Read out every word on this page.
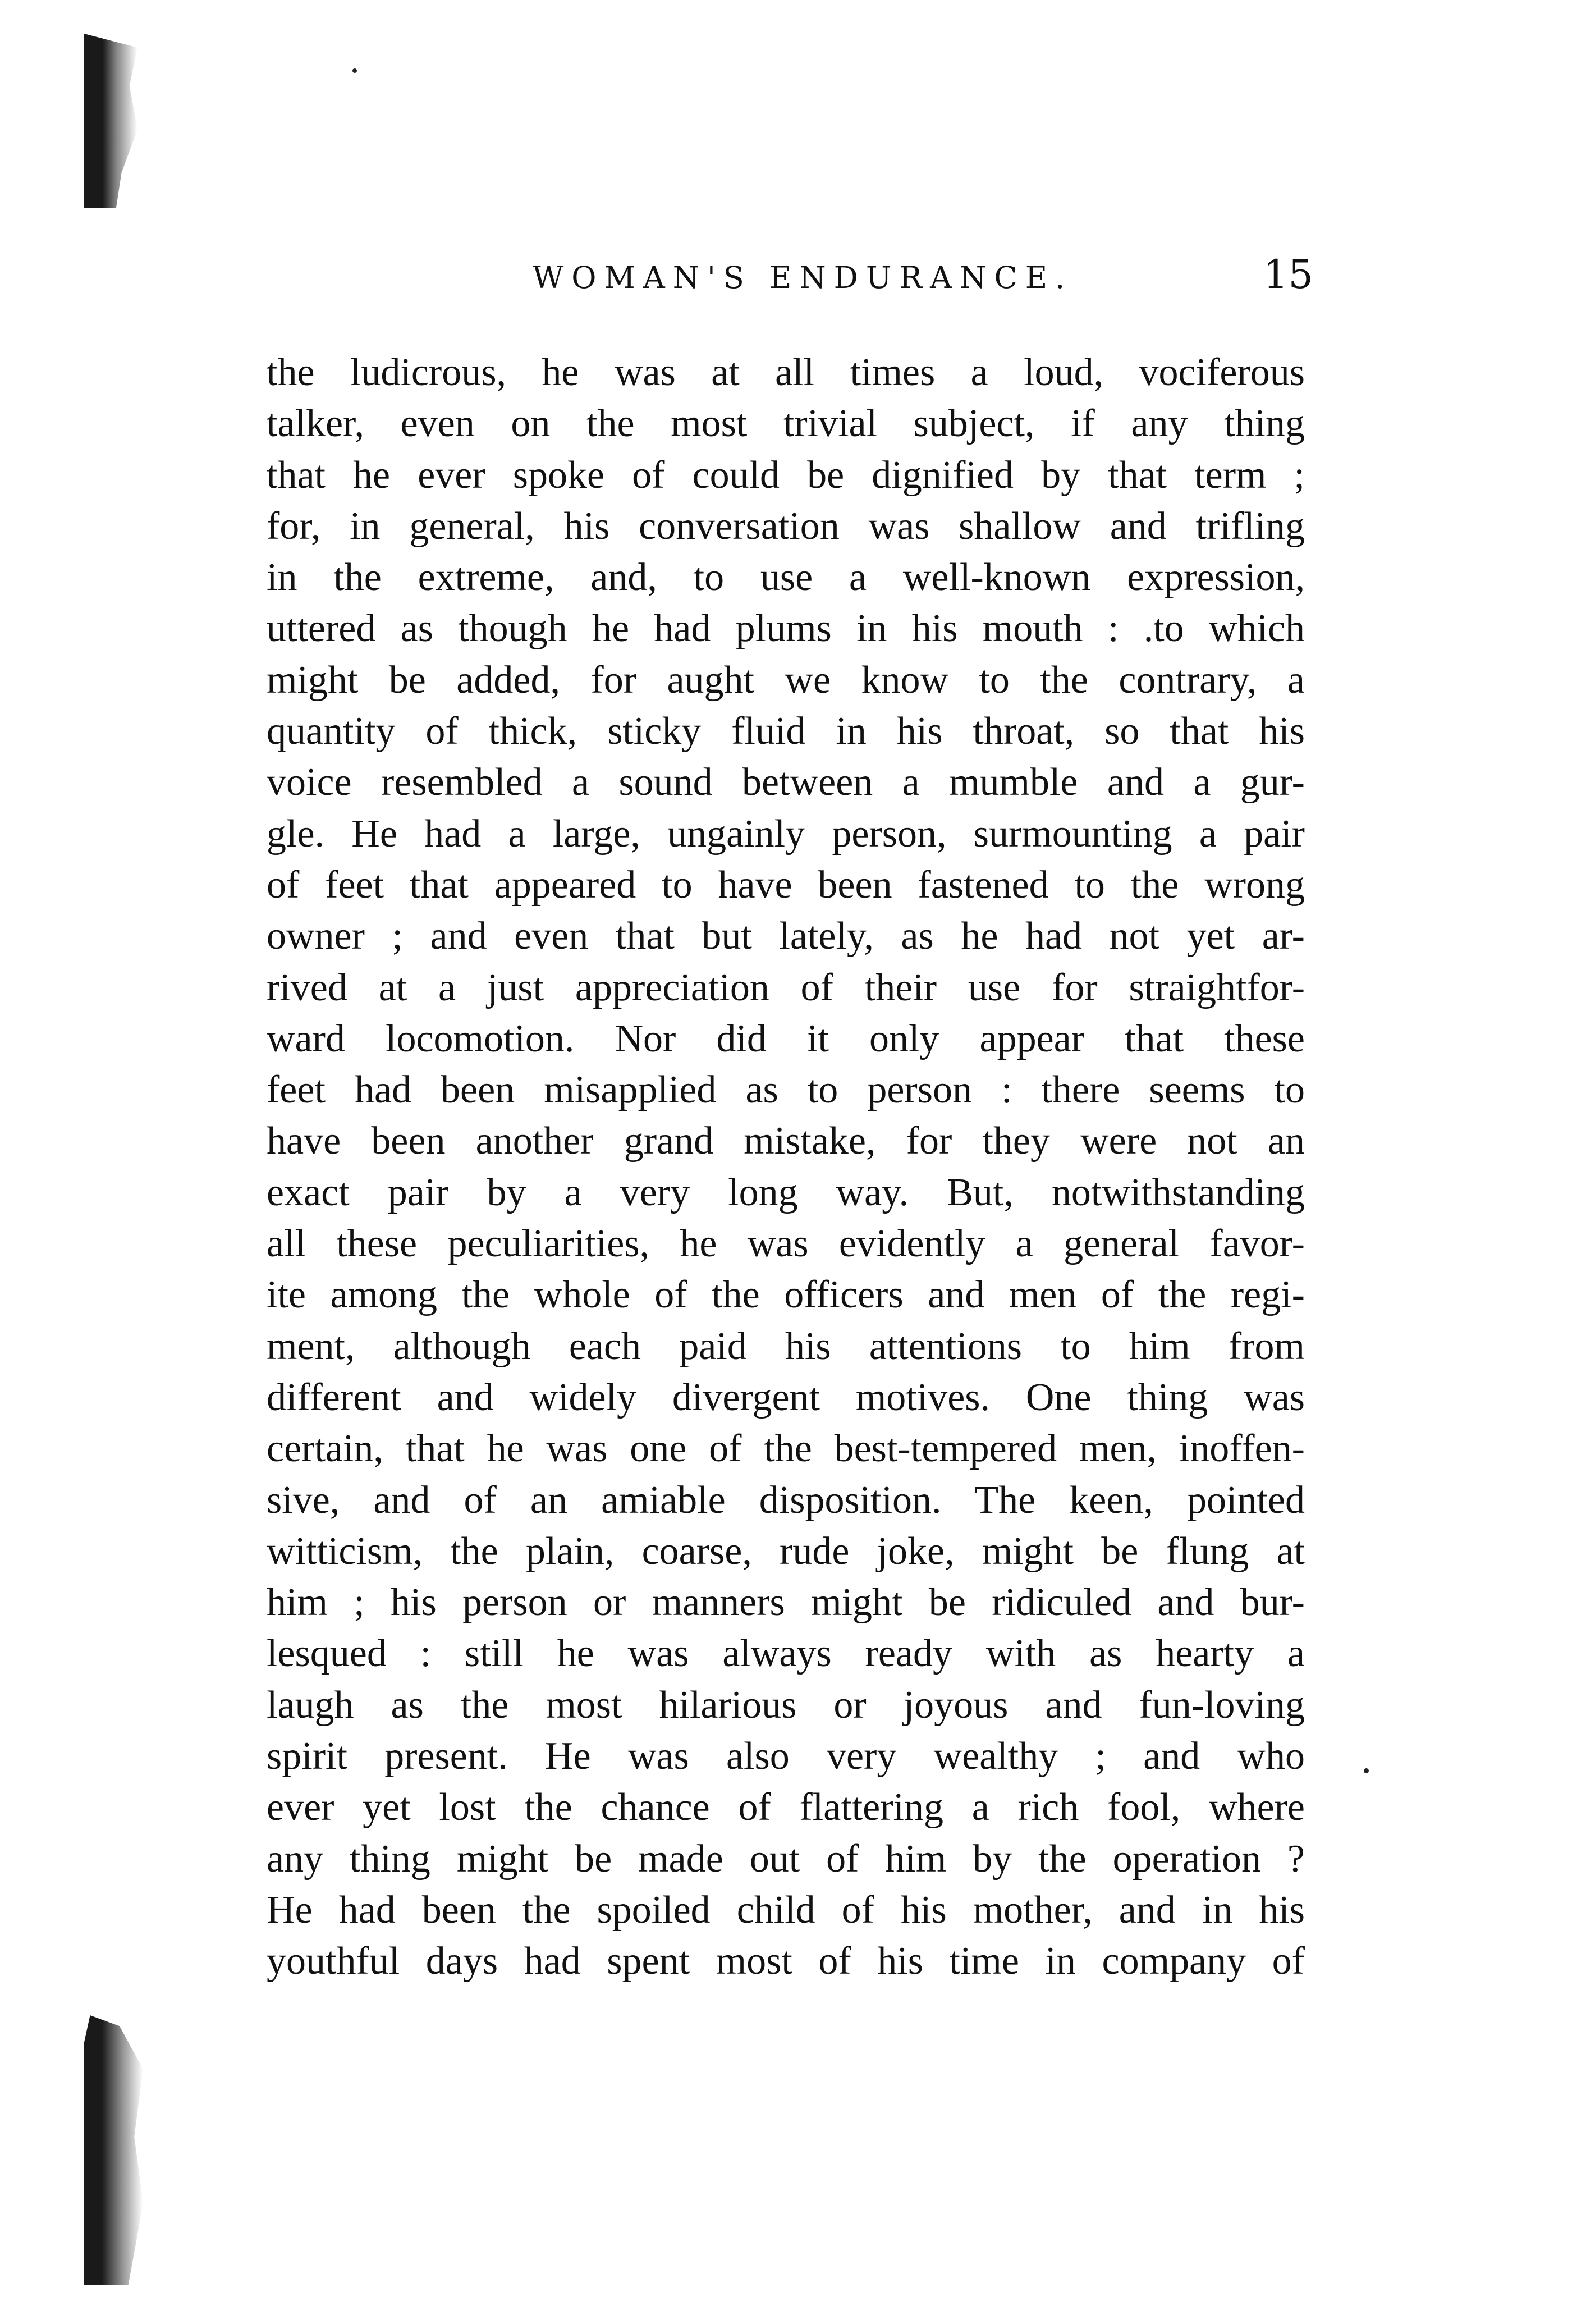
WOMAN'S ENDURANCE.	15
the ludicrous, he was at all times a loud, vociferous
talker, even on the most trivial subject, if any thing
that he ever spoke of could be dignified by that term ;
for, in general, his conversation was shallow and trifling
in the extreme, and, to use a well-known expression,
uttered as though he had plums in his mouth : .to which
might be added, for aught we know to the contrary, a
quantity of thick, sticky fluid in his throat, so that his
voice resembled a sound between a mumble and a gur-
gle. He had a large, ungainly person, surmounting a pair
of feet that appeared to have been fastened to the wrong
owner ; and even that but lately, as he had not yet ar-
rived at a just appreciation of their use for straightfor-
ward locomotion. Nor did it only appear that these
feet had been misapplied as to person : there seems to
have been another grand mistake, for they were not an
exact pair by a very long way. But, notwithstanding
all these peculiarities, he was evidently a general favor-
ite among the whole of the officers and men of the regi-
ment, although each paid his attentions to him from
different and widely divergent motives. One thing was
certain, that he was one of the best-tempered men, inoffen-
sive, and of an amiable disposition. The keen, pointed
witticism, the plain, coarse, rude joke, might be flung at
him ; his person or manners might be ridiculed and bur-
lesqued : still he was always ready with as hearty a
laugh as the most hilarious or joyous and fun-loving
spirit present. He was also very wealthy ; and who
ever yet lost the chance of flattering a rich fool, where
any thing might be made out of him by the operation ?
He had been the spoiled child of his mother, and in his
youthful days had spent most of his time in company of
